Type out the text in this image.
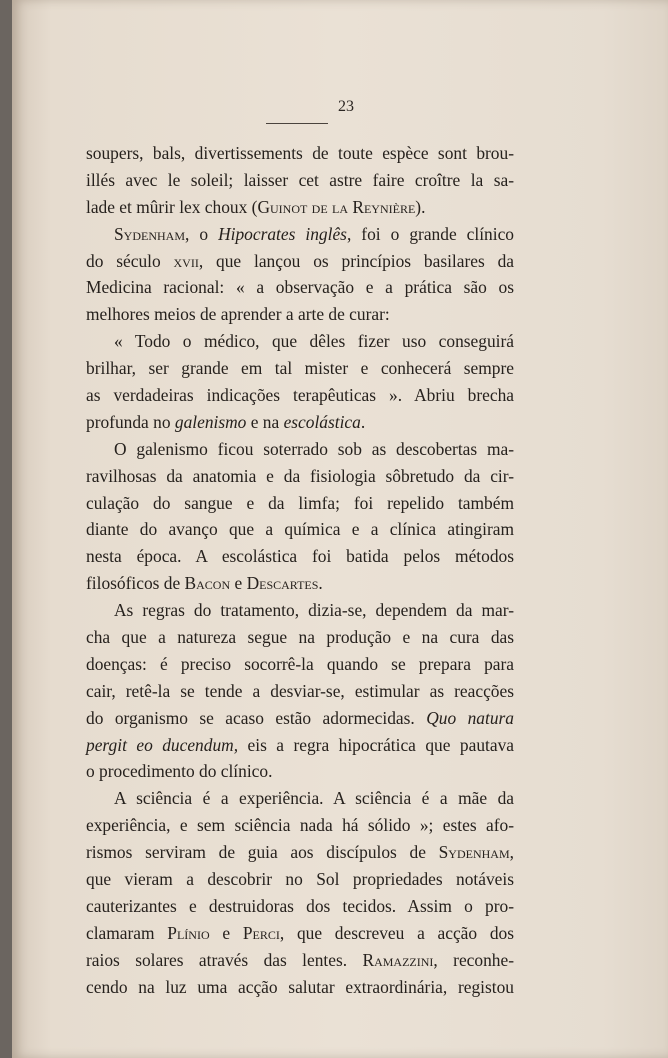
23
soupers, bals, divertissements de toute espèce sont brou-
illés avec le soleil; laisser cet astre faire croître la sa-
lade et mûrir lex choux (Guinot de la Reynière).
Sydenham, o Hipocrates inglês, foi o grande clínico
do século xvii, que lançou os princípios basilares da
Medicina racional: « a observação e a prática são os
melhores meios de aprender a arte de curar:
« Todo o médico, que dêles fizer uso conseguirá
brilhar, ser grande em tal mister e conhecerá sempre
as verdadeiras indicações terapêuticas ». Abriu brecha
profunda no galenismo e na escolástica.
O galenismo ficou soterrado sob as descobertas ma-
ravilhosas da anatomia e da fisiologia sôbretudo da cir-
culação do sangue e da limfa; foi repelido também
diante do avanço que a química e a clínica atingiram
nesta época. A escolástica foi batida pelos métodos
filosóficos de Bacon e Descartes.
As regras do tratamento, dizia-se, dependem da mar-
cha que a natureza segue na produção e na cura das
doenças: é preciso socorrê-la quando se prepara para
cair, retê-la se tende a desviar-se, estimular as reacções
do organismo se acaso estão adormecidas. Quo natura
pergit eo ducendum, eis a regra hipocrática que pautava
o procedimento do clínico.
A sciência é a experiência. A sciência é a mãe da
experiência, e sem sciência nada há sólido »; estes afo-
rismos serviram de guia aos discípulos de Sydenham,
que vieram a descobrir no Sol propriedades notáveis
cauterizantes e destruidoras dos tecidos. Assim o pro-
clamaram Plínio e Perci, que descreveu a acção dos
raios solares através das lentes. Ramazzini, reconhe-
cendo na luz uma acção salutar extraordinária, registou
